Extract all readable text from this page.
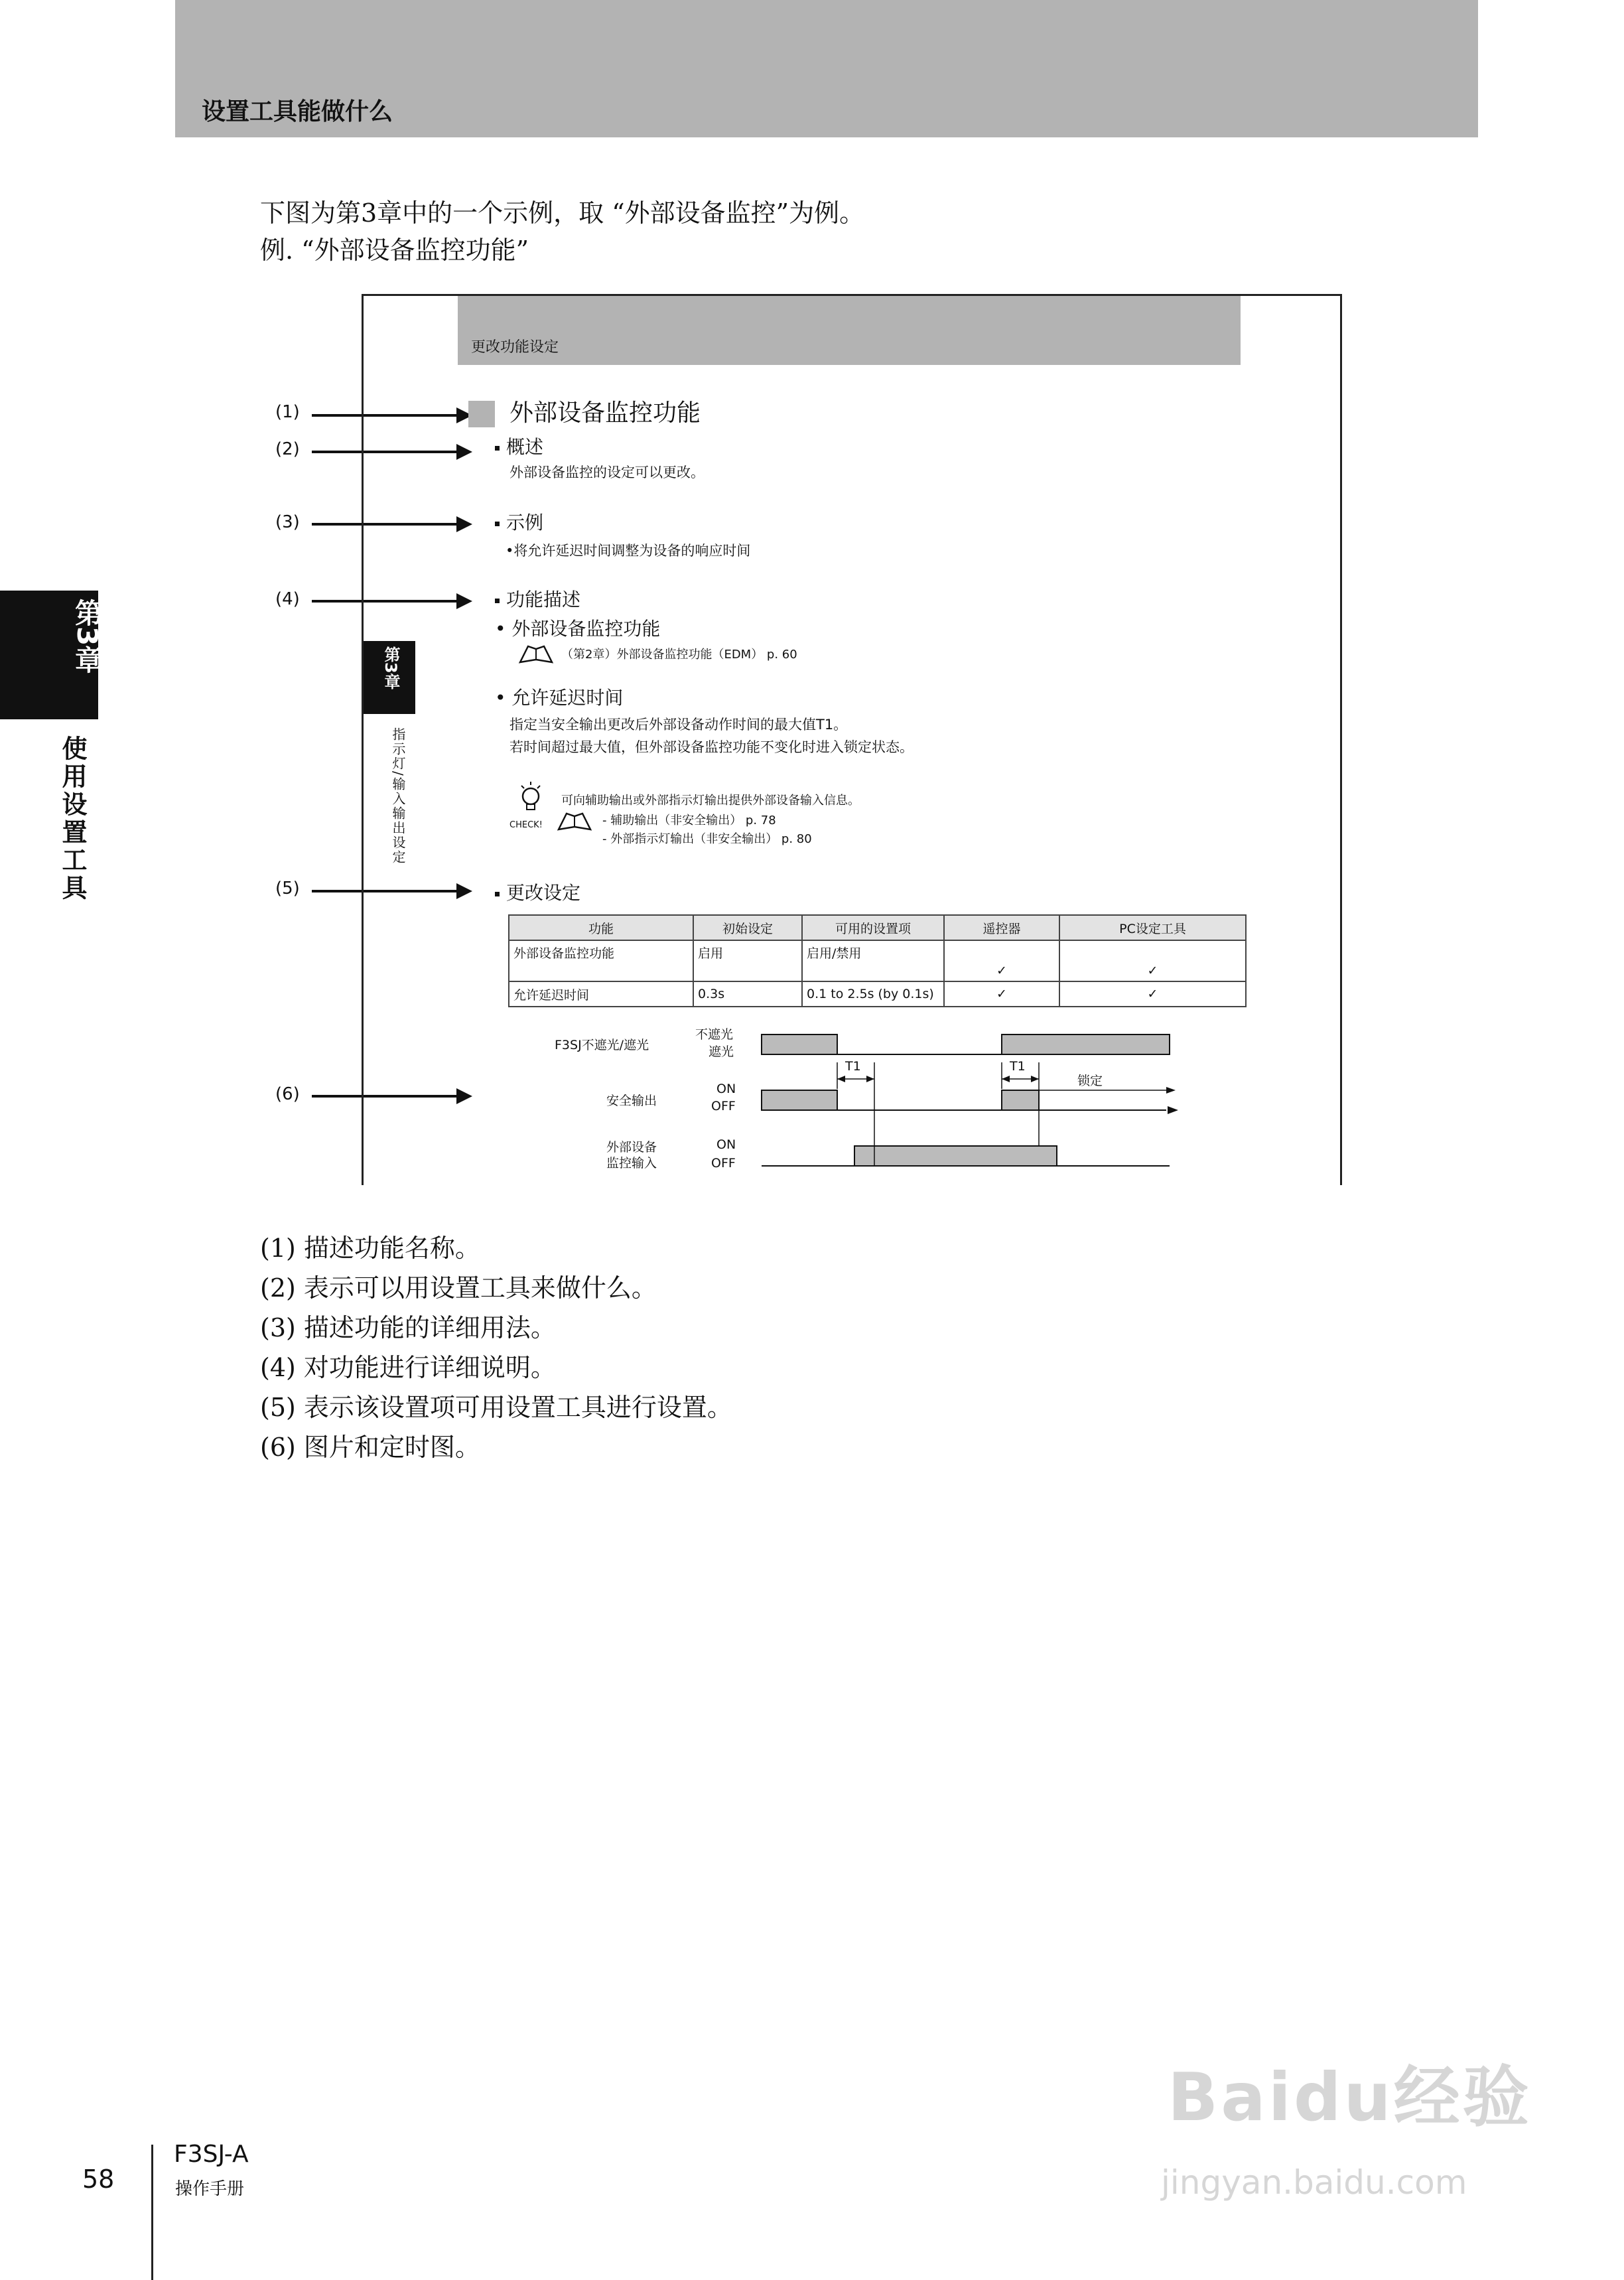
设置工具能做什么
第3章
使用设置工具
下图为第3章中的一个示例，取 “外部设备监控”为例。
例. “外部设备监控功能”
(1)
(2)
(3)
(4)
(5)
(6)
更改功能设定
第3章
指示灯/输入输出设定
外部设备监控功能
概述
外部设备监控的设定可以更改。
示例
•将允许延迟时间调整为设备的响应时间
功能描述
• 外部设备监控功能
（第2章）外部设备监控功能（EDM） p. 60
• 允许延迟时间
指定当安全输出更改后外部设备动作时间的最大值T1。
若时间超过最大值，但外部设备监控功能不变化时进入锁定状态。
CHECK!
可向辅助输出或外部指示灯输出提供外部设备输入信息。
- 辅助输出（非安全输出） p. 78
- 外部指示灯输出（非安全输出） p. 80
更改设定
功能	初始设定	可用的设置项	遥控器	PC设定工具
外部设备监控功能	启用	启用/禁用	✓	✓
允许延迟时间	0.3s	0.1 to 2.5s (by 0.1s)	✓	✓
F3SJ不遮光/遮光
不遮光
遮光
安全输出
ON
OFF
外部设备
监控输入
ON
OFF
T1	T1
锁定
(1) 描述功能名称。
(2) 表示可以用设置工具来做什么。
(3) 描述功能的详细用法。
(4) 对功能进行详细说明。
(5) 表示该设置项可用设置工具进行设置。
(6) 图片和定时图。
58
F3SJ-A
操作手册
Baidu经验
jingyan.baidu.com
